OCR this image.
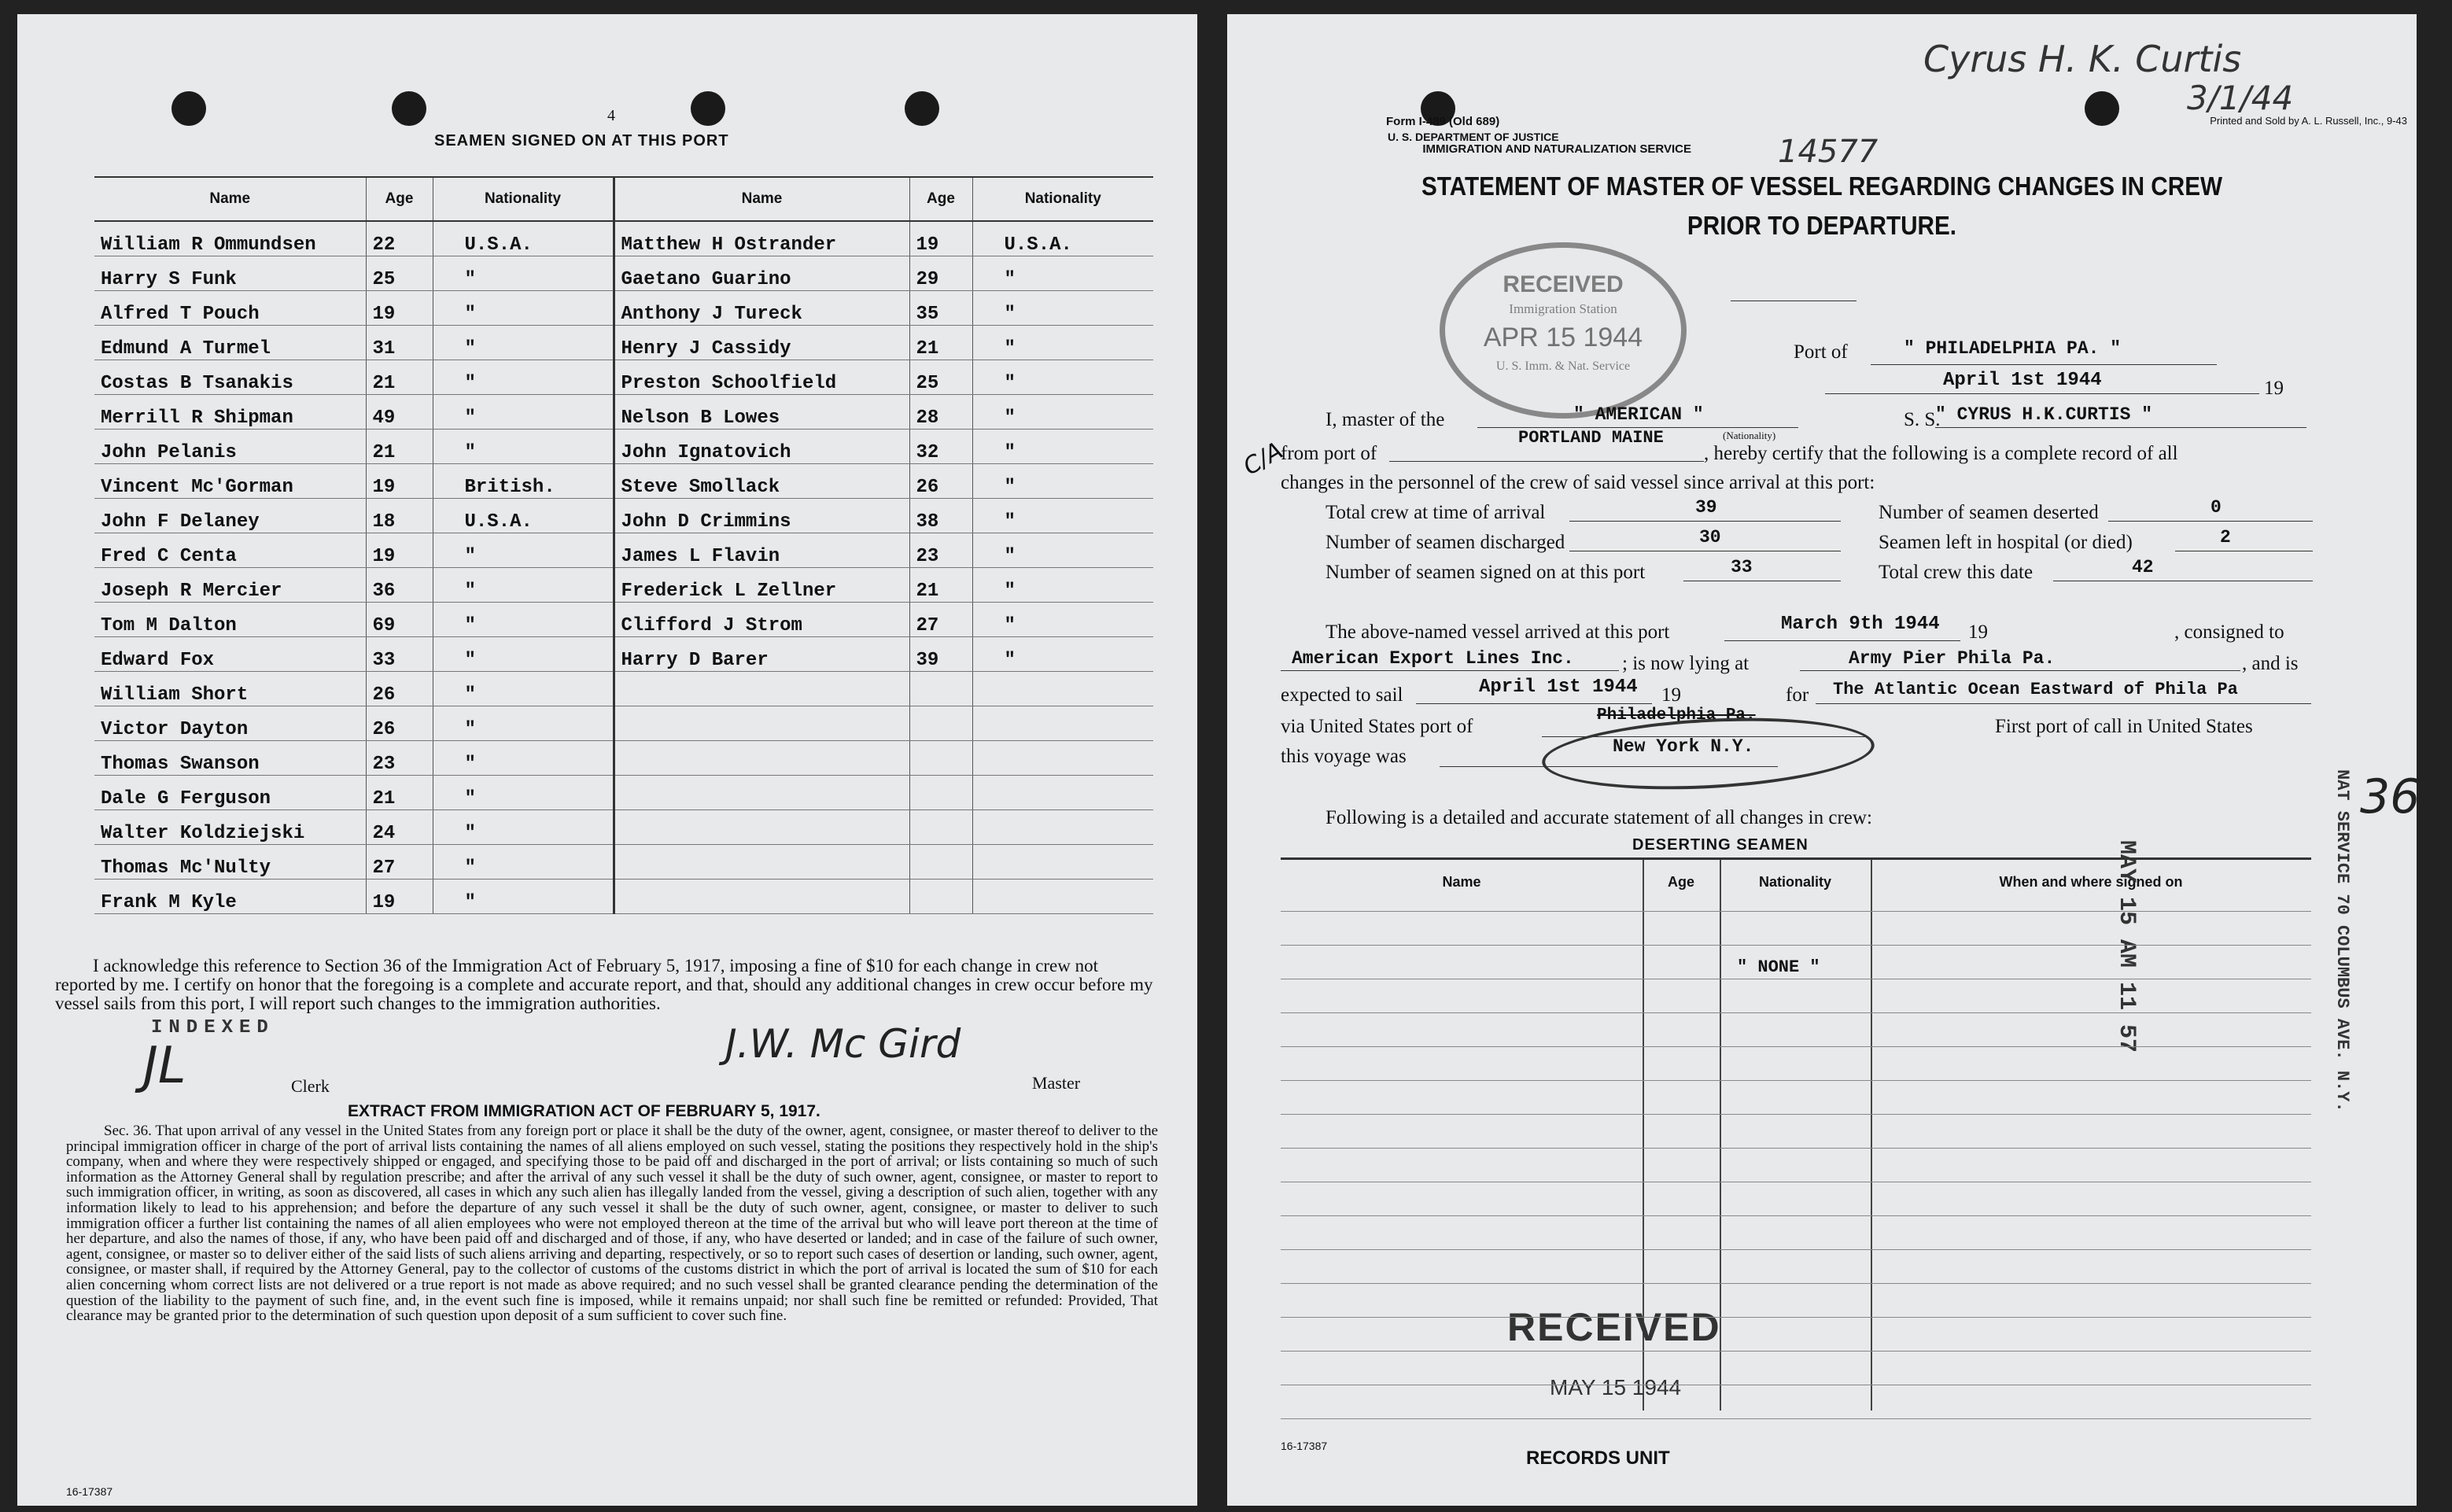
4
SEAMEN SIGNED ON AT THIS PORT
Name	Age	Nationality	Name	Age	Nationality
William R Ommundsen	22	U.S.A.	Matthew H Ostrander	19	U.S.A.
Harry S Funk	25	"	Gaetano Guarino	29	"
Alfred T Pouch	19	"	Anthony J Tureck	35	"
Edmund A Turmel	31	"	Henry J Cassidy	21	"
Costas B Tsanakis	21	"	Preston Schoolfield	25	"
Merrill R Shipman	49	"	Nelson B Lowes	28	"
John Pelanis	21	"	John Ignatovich	32	"
Vincent Mc'Gorman	19	British.	Steve Smollack	26	"
John F Delaney	18	U.S.A.	John D Crimmins	38	"
Fred C Centa	19	"	James L Flavin	23	"
Joseph R Mercier	36	"	Frederick L Zellner	21	"
Tom M Dalton	69	"	Clifford J Strom	27	"
Edward Fox	33	"	Harry D Barer	39	"
William Short	26	"			
Victor Dayton	26	"			
Thomas Swanson	23	"			
Dale G Ferguson	21	"			
Walter Koldziejski	24	"			
Thomas Mc'Nulty	27	"			
Frank M Kyle	19	"			
I acknowledge this reference to Section 36 of the Immigration Act of February 5, 1917, imposing a fine of $10 for each change in crew not reported by me. I certify on honor that the foregoing is a complete and accurate report, and that, should any additional changes in crew occur before my vessel sails from this port, I will report such changes to the immigration authorities.
INDEXED
JL	Clerk
J.W. Mc Gird
Master
EXTRACT FROM IMMIGRATION ACT OF FEBRUARY 5, 1917.
Sec. 36. That upon arrival of any vessel in the United States from any foreign port or place it shall be the duty of the owner, agent, consignee, or master thereof to deliver to the principal immigration officer in charge of the port of arrival lists containing the names of all aliens employed on such vessel, stating the positions they respectively hold in the ship's company, when and where they were respectively shipped or engaged, and specifying those to be paid off and discharged in the port of arrival; or lists containing so much of such information as the Attorney General shall by regulation prescribe; and after the arrival of any such vessel it shall be the duty of such owner, agent, consignee, or master to report to such immigration officer, in writing, as soon as discovered, all cases in which any such alien has illegally landed from the vessel, giving a description of such alien, together with any information likely to lead to his apprehension; and before the departure of any such vessel it shall be the duty of such owner, agent, consignee, or master to deliver to such immigration officer a further list containing the names of all alien employees who were not employed thereon at the time of the arrival but who will leave port thereon at the time of her departure, and also the names of those, if any, who have been paid off and discharged and of those, if any, who have deserted or landed; and in case of the failure of such owner, agent, consignee, or master so to deliver either of the said lists of such aliens arriving and departing, respectively, or so to report such cases of desertion or landing, such owner, agent, consignee, or master shall, if required by the Attorney General, pay to the collector of customs of the customs district in which the port of arrival is located the sum of $10 for each alien concerning whom correct lists are not delivered or a true report is not made as above required; and no such vessel shall be granted clearance pending the determination of the question of the liability to the payment of such fine, and, in the event such fine is imposed, while it remains unpaid; nor shall such fine be remitted or refunded: Provided, That clearance may be granted prior to the determination of such question upon deposit of a sum sufficient to cover such fine.
16-17387
Cyrus H. K. Curtis
3/1/44
14577
Form I-489 (Old 689)
U. S. DEPARTMENT OF JUSTICE
IMMIGRATION AND NATURALIZATION SERVICE
Printed and Sold by A. L. Russell, Inc., 9-43
STATEMENT OF MASTER OF VESSEL REGARDING CHANGES IN CREW
PRIOR TO DEPARTURE.
RECEIVED
Immigration Station
APR 15 1944
U. S. Imm. & Nat. Service
Port of	" PHILADELPHIA PA. "
April 1st 1944	19
I, master of the	" AMERICAN "
(Nationality)
S. S.
" CYRUS H.K.CURTIS "
C/A
from port of
PORTLAND MAINE
, hereby certify that the following is a complete record of all
changes in the personnel of the crew of said vessel since arrival at this port:
Total crew at time of arrival	39
Number of seamen discharged	30
Number of seamen signed on at this port	33
Number of seamen deserted	0
Seamen left in hospital (or died)	2
Total crew this date	42
The above-named vessel arrived at this port	March 9th 1944 19	, consigned to
American Export Lines Inc. ; is now lying at	Army Pier Phila Pa.	, and is
expected to sail	April 1st 1944 19	for The Atlantic Ocean Eastward of Phila Pa
via United States port of
Philadelphia Pa.
First port of call in United States
this voyage was	New York N.Y.
Following is a detailed and accurate statement of all changes in crew:
DESERTING SEAMEN
Name	Age	Nationality	When and where signed on
" NONE "
36A
MAY 15 AM 11 57	NAT SERVICE 70 COLUMBUS AVE. N.Y.
RECEIVED
MAY 15 1944
RECORDS UNIT
16-17387
